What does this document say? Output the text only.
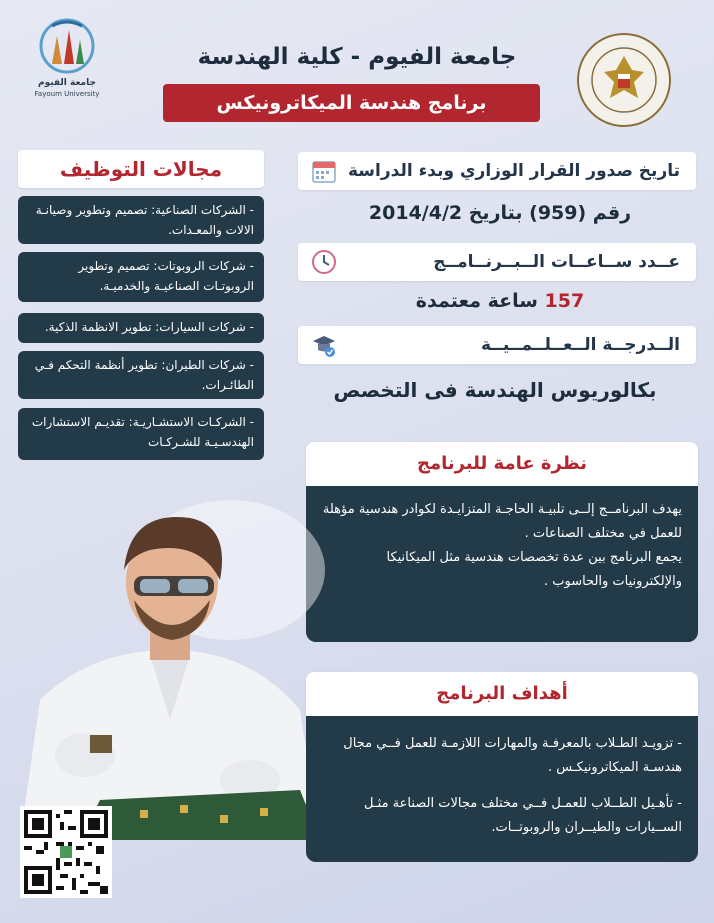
جامعة الفيوم
Fayoum University
جامعة الفيوم - كلية الهندسة
برنامج هندسة الميكاترونيكس
مجالات التوظيف
- الشركات الصناعية: تصميم وتطوير وصيانـة الالات والمعـدات.
- شركات الروبوتات: تصميم وتطوير الروبوتـات الصناعيـة والخدميـة.
- شركات السيارات: تطوير الانظمة الذكية.
- شركات الطيران: تطوير أنظمة التحكم فـي الطائـرات.
- الشركـات الاستشـاريـة: تقديـم الاستشارات الهندسـيـة للشـركـات
تاريخ صدور القرار الوزاري وبدء الدراسة
رقم (959) بتاريخ 2014/4/2
عــدد ســاعــات الــبــرنــامــج
157 ساعة معتمدة
الــدرجــة الــعــلــمــيــة
بكالوريوس الهندسة فى التخصص
نظرة عامة للبرنامج

يهدف البرنامــج إلــى تلبيـة الحاجـة المتزايـدة لكوادر هندسية مؤهلة للعمل في مختلف الصناعات .

يجمع البرنامج بين عدة تخصصات هندسية مثل الميكانيكا والإلكترونيات والحاسوب .

أهداف البرنامج

- تزويـد الطـلاب بالمعرفـة والمهارات اللازمـة للعمل فــي مجال هندسـة الميكاترونيكـس .

- تأهـيل الطــلاب للعمـل فــي مختلف مجالات الصناعة مثـل الســيارات والطيــران والروبوتــات.
